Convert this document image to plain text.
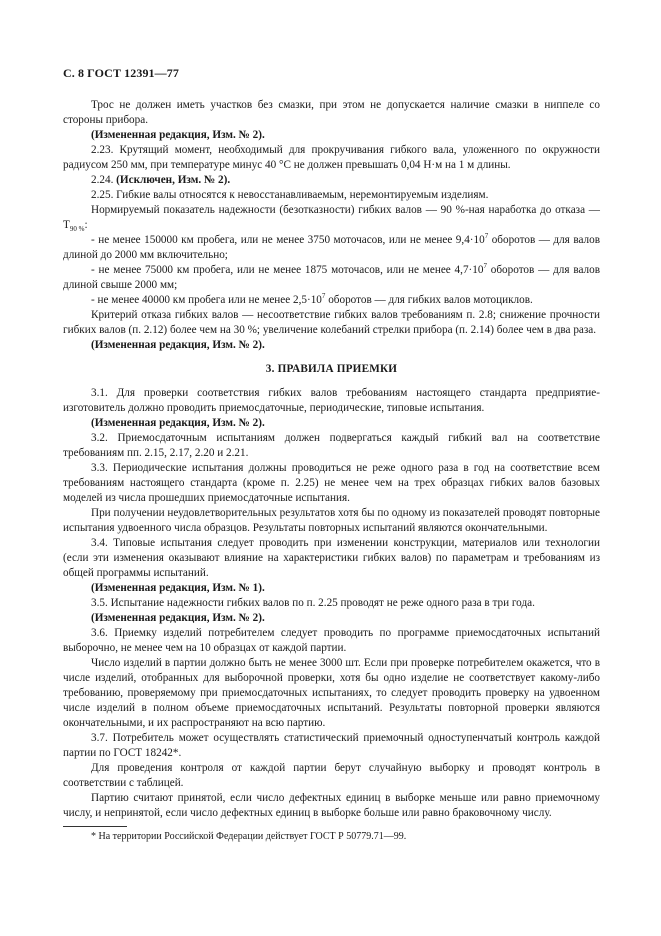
С. 8 ГОСТ 12391—77

Трос не должен иметь участков без смазки, при этом не допускается наличие смазки в ниппеле со стороны прибора.

(Измененная редакция, Изм. № 2).

2.23. Крутящий момент, необходимый для прокручивания гибкого вала, уложенного по окружности радиусом 250 мм, при температуре минус 40 °С не должен превышать 0,04 Н·м на 1 м длины.

2.24. (Исключен, Изм. № 2).

2.25. Гибкие валы относятся к невосстанавливаемым, неремонтируемым изделиям.

Нормируемый показатель надежности (безотказности) гибких валов — 90 %-ная наработка до отказа — $Т_{90 \%}$:

- не менее 150000 км пробега, или не менее 3750 моточасов, или не менее $9,4\cdot 10^7$ оборотов — для валов длиной до 2000 мм включительно;

- не менее 75000 км пробега, или не менее 1875 моточасов, или не менее $4,7\cdot 10^7$ оборотов — для валов длиной свыше 2000 мм;

- не менее 40000 км пробега или не менее $2,5\cdot 10^7$ оборотов — для гибких валов мотоциклов.

Критерий отказа гибких валов — несоответствие гибких валов требованиям п. 2.8; снижение прочности гибких валов (п. 2.12) более чем на 30 %; увеличение колебаний стрелки прибора (п. 2.14) более чем в два раза.

(Измененная редакция, Изм. № 2).

3. ПРАВИЛА ПРИЕМКИ

3.1. Для проверки соответствия гибких валов требованиям настоящего стандарта предприятие-изготовитель должно проводить приемосдаточные, периодические, типовые испытания.

(Измененная редакция, Изм. № 2).

3.2. Приемосдаточным испытаниям должен подвергаться каждый гибкий вал на соответствие требованиям пп. 2.15, 2.17, 2.20 и 2.21.

3.3. Периодические испытания должны проводиться не реже одного раза в год на соответствие всем требованиям настоящего стандарта (кроме п. 2.25) не менее чем на трех образцах гибких валов базовых моделей из числа прошедших приемосдаточные испытания.

При получении неудовлетворительных результатов хотя бы по одному из показателей проводят повторные испытания удвоенного числа образцов. Результаты повторных испытаний являются окончательными.

3.4. Типовые испытания следует проводить при изменении конструкции, материалов или технологии (если эти изменения оказывают влияние на характеристики гибких валов) по параметрам и требованиям из общей программы испытаний.

(Измененная редакция, Изм. № 1).

3.5. Испытание надежности гибких валов по п. 2.25 проводят не реже одного раза в три года.

(Измененная редакция, Изм. № 2).

3.6. Приемку изделий потребителем следует проводить по программе приемосдаточных испытаний выборочно, не менее чем на 10 образцах от каждой партии.

Число изделий в партии должно быть не менее 3000 шт. Если при проверке потребителем окажется, что в числе изделий, отобранных для выборочной проверки, хотя бы одно изделие не соответствует какому-либо требованию, проверяемому при приемосдаточных испытаниях, то следует проводить проверку на удвоенном числе изделий в полном объеме приемосдаточных испытаний. Результаты повторной проверки являются окончательными, и их распространяют на всю партию.

3.7. Потребитель может осуществлять статистический приемочный одноступенчатый контроль каждой партии по ГОСТ 18242*.

Для проведения контроля от каждой партии берут случайную выборку и проводят контроль в соответствии с таблицей.

Партию считают принятой, если число дефектных единиц в выборке меньше или равно приемочному числу, и непринятой, если число дефектных единиц в выборке больше или равно браковочному числу.

* На территории Российской Федерации действует ГОСТ Р 50779.71—99.
